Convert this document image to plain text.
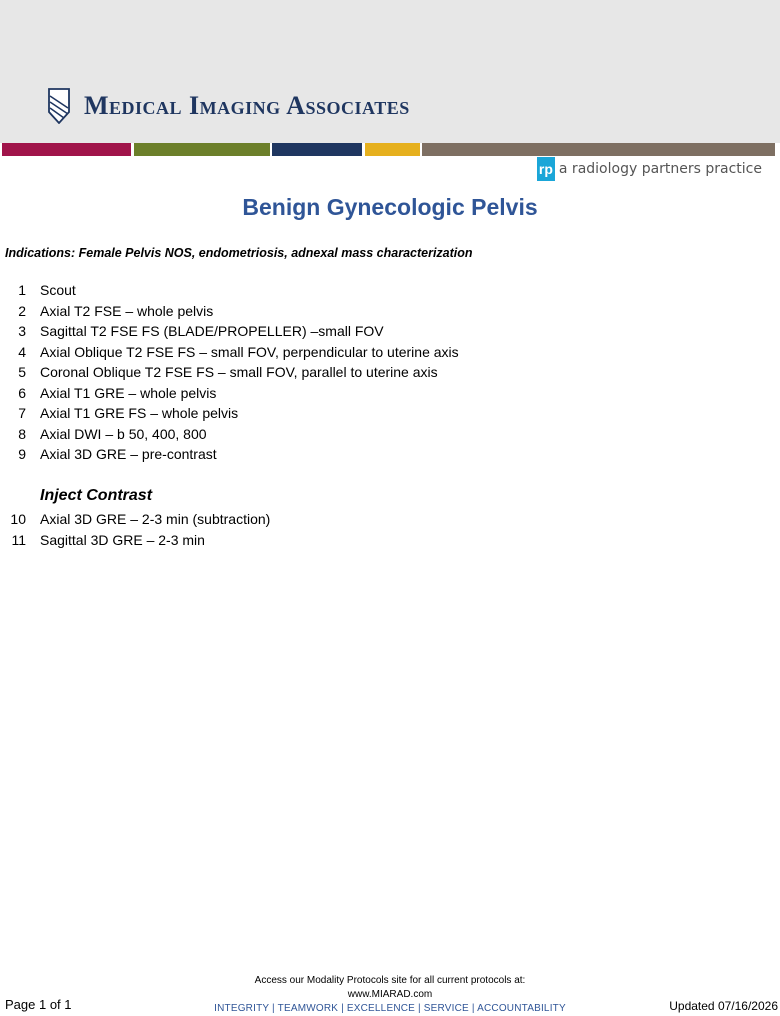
Medical Imaging Associates
rp a radiology partners practice
Benign Gynecologic Pelvis
Indications: Female Pelvis NOS, endometriosis, adnexal mass characterization
1 Scout
2 Axial T2 FSE – whole pelvis
3 Sagittal T2 FSE FS (BLADE/PROPELLER) –small FOV
4 Axial Oblique T2 FSE FS – small FOV, perpendicular to uterine axis
5 Coronal Oblique T2 FSE FS – small FOV, parallel to uterine axis
6 Axial T1 GRE – whole pelvis
7 Axial T1 GRE FS – whole pelvis
8 Axial DWI – b 50, 400, 800
9 Axial 3D GRE – pre-contrast
10 Axial 3D GRE – 2-3 min (subtraction)
11 Sagittal 3D GRE – 2-3 min
Inject Contrast
Page 1 of 1
Access our Modality Protocols site for all current protocols at:
www.MIARAD.com
INTEGRITY | TEAMWORK | EXCELLENCE | SERVICE | ACCOUNTABILITY	Updated 07/16/2026
